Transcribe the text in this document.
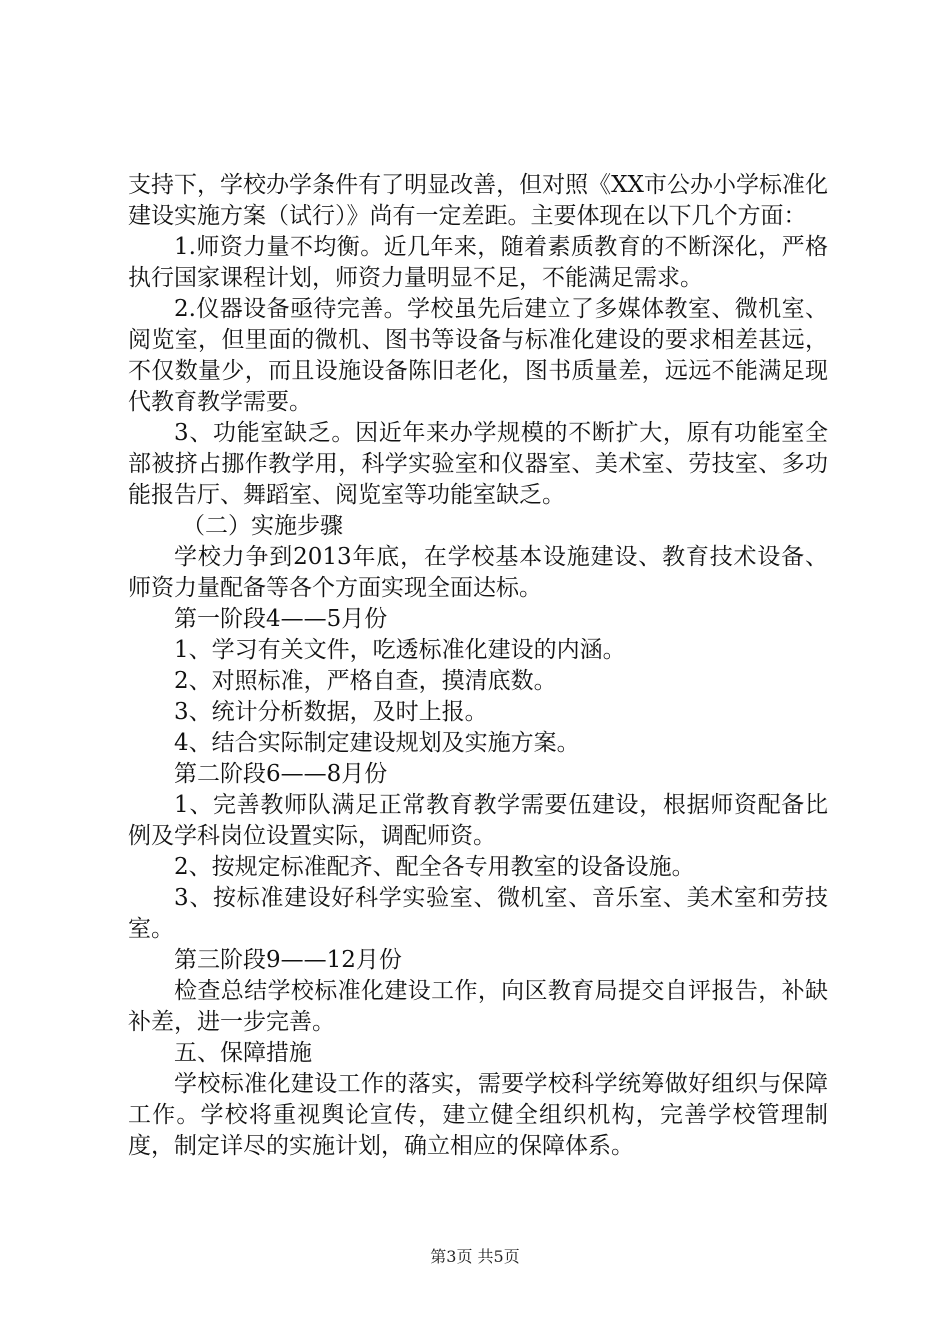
支持下，学校办学条件有了明显改善，但对照《XX市公办小学标准化建设实施方案（试行）》尚有一定差距。主要体现在以下几个方面：

1.师资力量不均衡。近几年来，随着素质教育的不断深化，严格执行国家课程计划，师资力量明显不足，不能满足需求。

2.仪器设备亟待完善。学校虽先后建立了多媒体教室、微机室、阅览室，但里面的微机、图书等设备与标准化建设的要求相差甚远，不仅数量少，而且设施设备陈旧老化，图书质量差，远远不能满足现代教育教学需要。

3、功能室缺乏。因近年来办学规模的不断扩大，原有功能室全部被挤占挪作教学用，科学实验室和仪器室、美术室、劳技室、多功能报告厅、舞蹈室、阅览室等功能室缺乏。

（二）实施步骤

学校力争到2013年底，在学校基本设施建设、教育技术设备、师资力量配备等各个方面实现全面达标。

第一阶段4——5月份

1、学习有关文件，吃透标准化建设的内涵。

2、对照标准，严格自查，摸清底数。

3、统计分析数据，及时上报。

4、结合实际制定建设规划及实施方案。

第二阶段6——8月份

1、完善教师队满足正常教育教学需要伍建设，根据师资配备比例及学科岗位设置实际，调配师资。

2、按规定标准配齐、配全各专用教室的设备设施。

3、按标准建设好科学实验室、微机室、音乐室、美术室和劳技室。

第三阶段9——12月份

检查总结学校标准化建设工作，向区教育局提交自评报告，补缺补差，进一步完善。

五、保障措施

学校标准化建设工作的落实，需要学校科学统筹做好组织与保障工作。学校将重视舆论宣传，建立健全组织机构，完善学校管理制度，制定详尽的实施计划，确立相应的保障体系。

第3页 共5页
